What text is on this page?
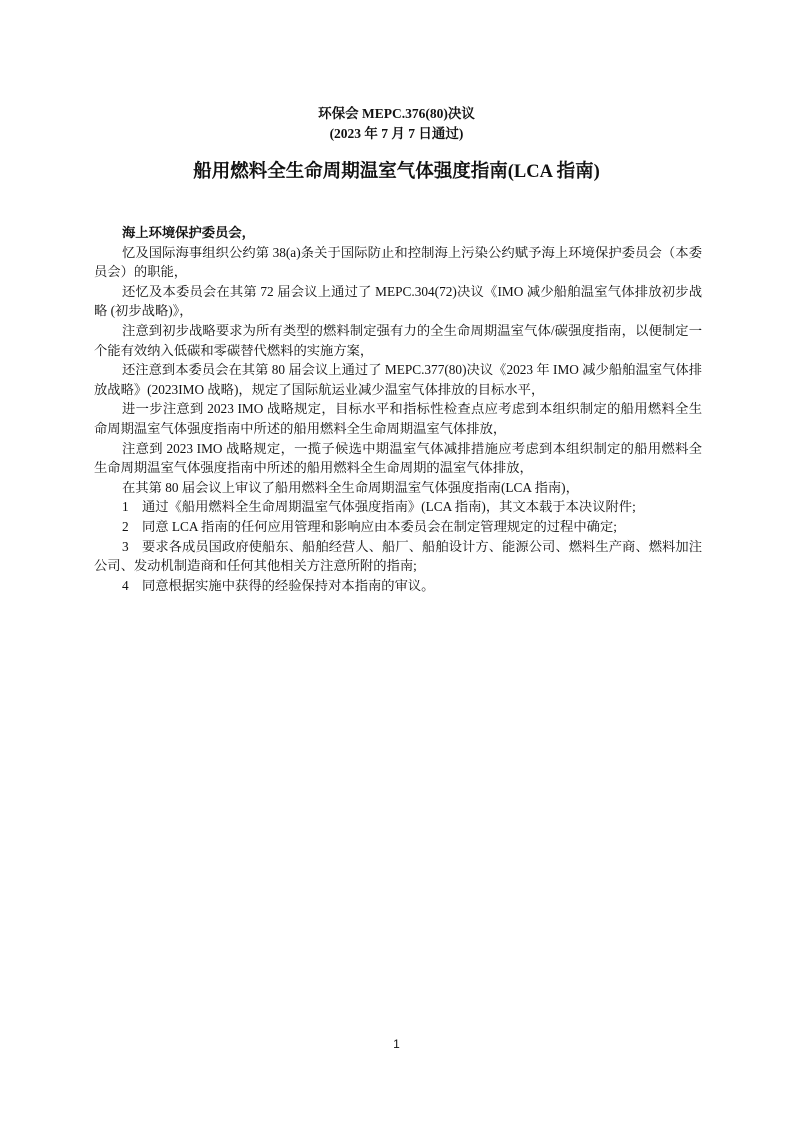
环保会 MEPC.376(80)决议
(2023 年 7 月 7 日通过)
船用燃料全生命周期温室气体强度指南(LCA 指南)

海上环境保护委员会，

忆及国际海事组织公约第 38(a)条关于国际防止和控制海上污染公约赋予海上环境保护委员会（本委员会）的职能，

还忆及本委员会在其第 72 届会议上通过了 MEPC.304(72)决议《IMO 减少船舶温室气体排放初步战略 (初步战略)》，

注意到初步战略要求为所有类型的燃料制定强有力的全生命周期温室气体/碳强度指南，以便制定一个能有效纳入低碳和零碳替代燃料的实施方案，

还注意到本委员会在其第 80 届会议上通过了 MEPC.377(80)决议《2023 年 IMO 减少船舶温室气体排放战略》(2023IMO 战略)，规定了国际航运业减少温室气体排放的目标水平，

进一步注意到 2023 IMO 战略规定，目标水平和指标性检查点应考虑到本组织制定的船用燃料全生命周期温室气体强度指南中所述的船用燃料全生命周期温室气体排放，

注意到 2023 IMO 战略规定，一揽子候选中期温室气体减排措施应考虑到本组织制定的船用燃料全生命周期温室气体强度指南中所述的船用燃料全生命周期的温室气体排放，

在其第 80 届会议上审议了船用燃料全生命周期温室气体强度指南(LCA 指南)，

1　通过《船用燃料全生命周期温室气体强度指南》(LCA 指南)，其文本载于本决议附件;

2　同意 LCA 指南的任何应用管理和影响应由本委员会在制定管理规定的过程中确定;

3　要求各成员国政府使船东、船舶经营人、船厂、船舶设计方、能源公司、燃料生产商、燃料加注公司、发动机制造商和任何其他相关方注意所附的指南;

4　同意根据实施中获得的经验保持对本指南的审议。

1
